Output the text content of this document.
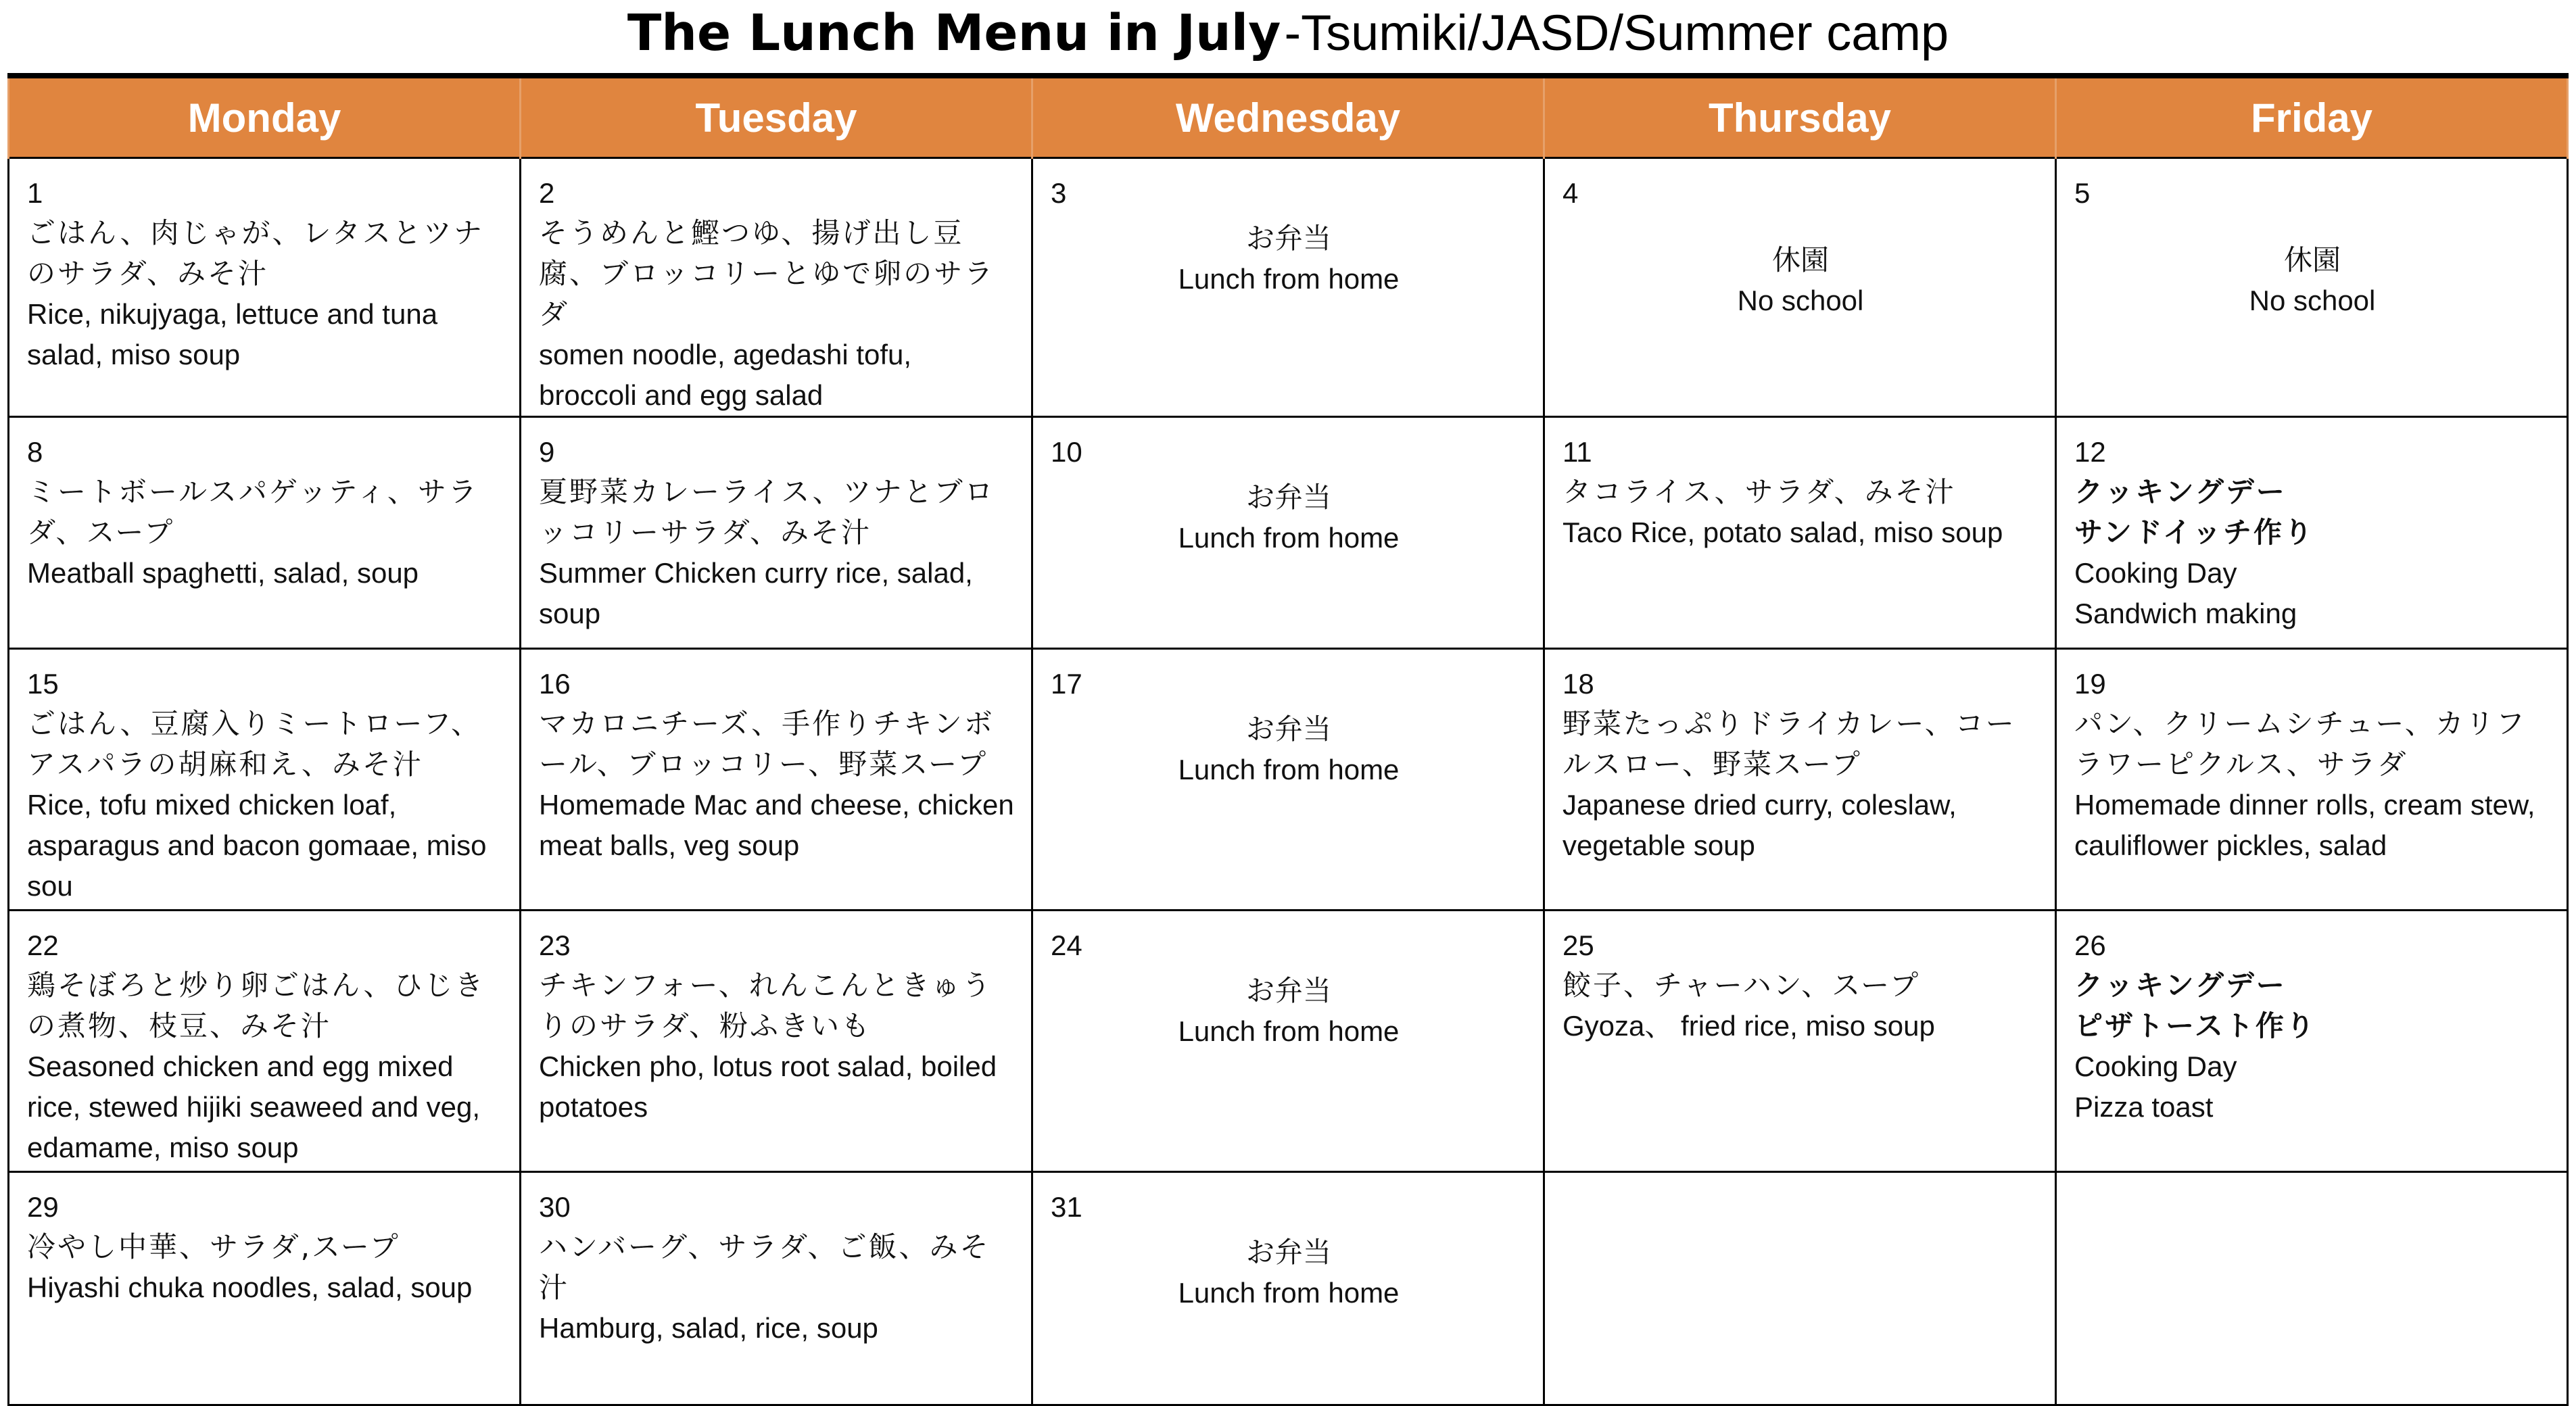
The Lunch Menu in July -Tsumiki/JASD/Summer camp
Monday	Tuesday	Wednesday	Thursday	Friday

1
ごはん、肉じゃが、レタスとツナのサラダ、みそ汁
Rice, nikujyaga, lettuce and tuna salad, miso soup	2
そうめんと鰹つゆ、揚げ出し豆腐、ブロッコリーとゆで卵のサラダ
somen noodle, agedashi tofu, broccoli and egg salad	3
お弁当
Lunch from home	4
休園
No school	5
休園
No school

8
ミートボールスパゲッティ、サラダ、スープ
Meatball spaghetti, salad, soup	9
夏野菜カレーライス、ツナとブロッコリーサラダ、みそ汁
Summer Chicken curry rice, salad, soup	10
お弁当
Lunch from home	11
タコライス、サラダ、みそ汁
Taco Rice, potato salad, miso soup	12
クッキングデー
サンドイッチ作り
Cooking Day
Sandwich making

15
ごはん、豆腐入りミートローフ、アスパラの胡麻和え、みそ汁
Rice, tofu mixed chicken loaf, asparagus and bacon gomaae, miso sou	16
マカロニチーズ、手作りチキンボール、ブロッコリー、野菜スープ
Homemade Mac and cheese, chicken meat balls, veg soup	17
お弁当
Lunch from home	18
野菜たっぷりドライカレー、コールスロー、野菜スープ
Japanese dried curry, coleslaw, vegetable soup	19
パン、クリームシチュー、カリフラワーピクルス、サラダ
Homemade dinner rolls, cream stew, cauliflower pickles, salad

22
鶏そぼろと炒り卵ごはん、ひじきの煮物、枝豆、みそ汁
Seasoned chicken and egg mixed rice, stewed hijiki seaweed and veg, edamame, miso soup	23
チキンフォー、れんこんときゅうりのサラダ、粉ふきいも
Chicken pho, lotus root salad, boiled potatoes	24
お弁当
Lunch from home	25
餃子、チャーハン、スープ
Gyoza、 fried rice, miso soup	26
クッキングデー
ピザトースト作り
Cooking Day
Pizza toast

29
冷やし中華、サラダ,スープ
Hiyashi chuka noodles, salad, soup	30
ハンバーグ、サラダ、ご飯、みそ汁
Hamburg, salad, rice, soup	31
お弁当
Lunch from home		
